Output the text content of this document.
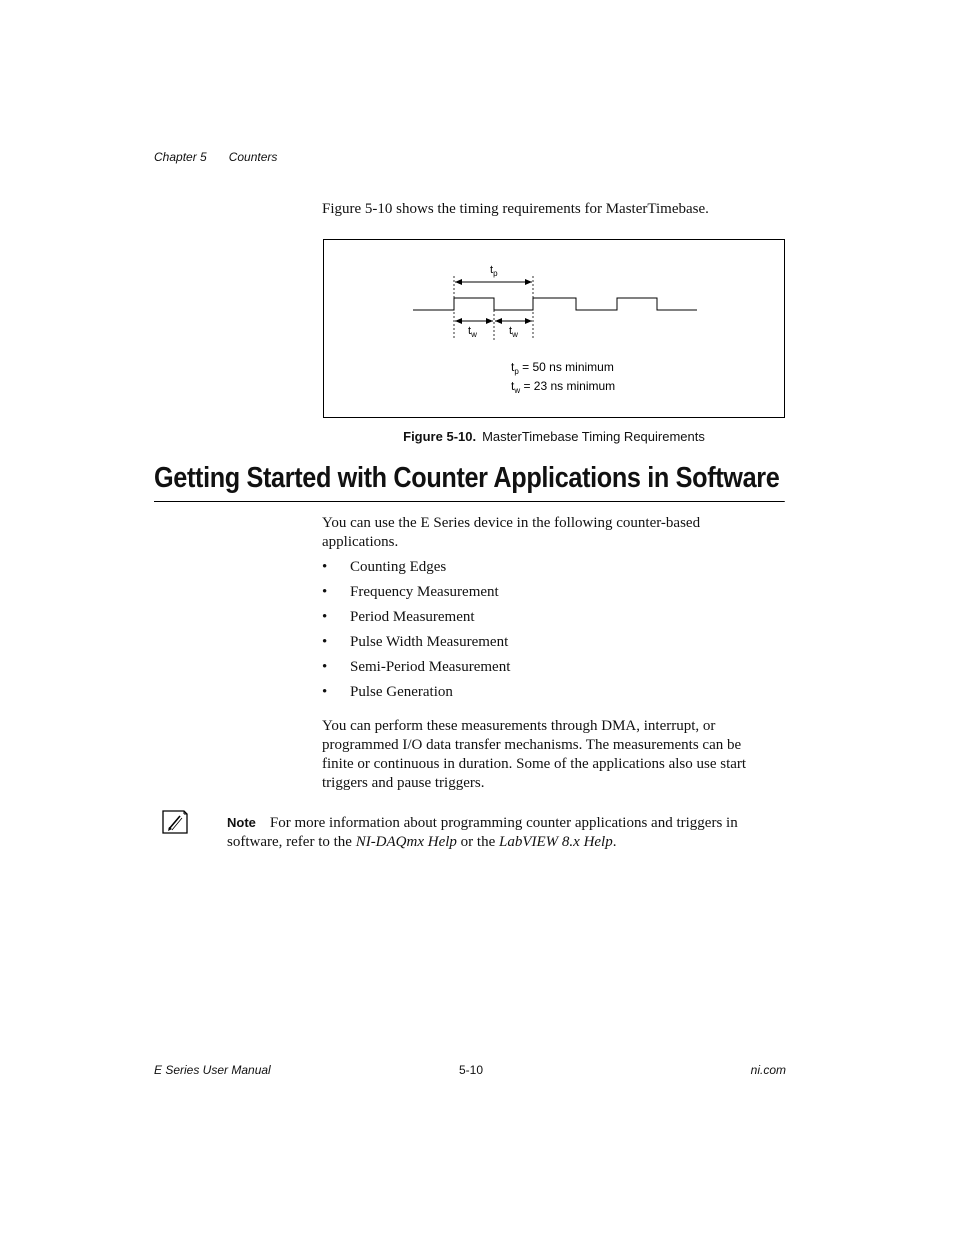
Chapter 5 Counters
Figure 5-10 shows the timing requirements for MasterTimebase.
$t_p$
$t_w$	$t_w$
$t_p = 50$ ns minimum
$t_w = 23$ ns minimum
Figure 5-10. MasterTimebase Timing Requirements
Getting Started with Counter Applications in Software
You can use the E Series device in the following counter-based applications.
• Counting Edges
• Frequency Measurement
• Period Measurement
• Pulse Width Measurement
• Semi-Period Measurement
• Pulse Generation
You can perform these measurements through DMA, interrupt, or programmed I/O data transfer mechanisms. The measurements can be finite or continuous in duration. Some of the applications also use start triggers and pause triggers.
Note For more information about programming counter applications and triggers in software, refer to the NI-DAQmx Help or the LabVIEW 8.x Help.
E Series User Manual	5-10	ni.com
